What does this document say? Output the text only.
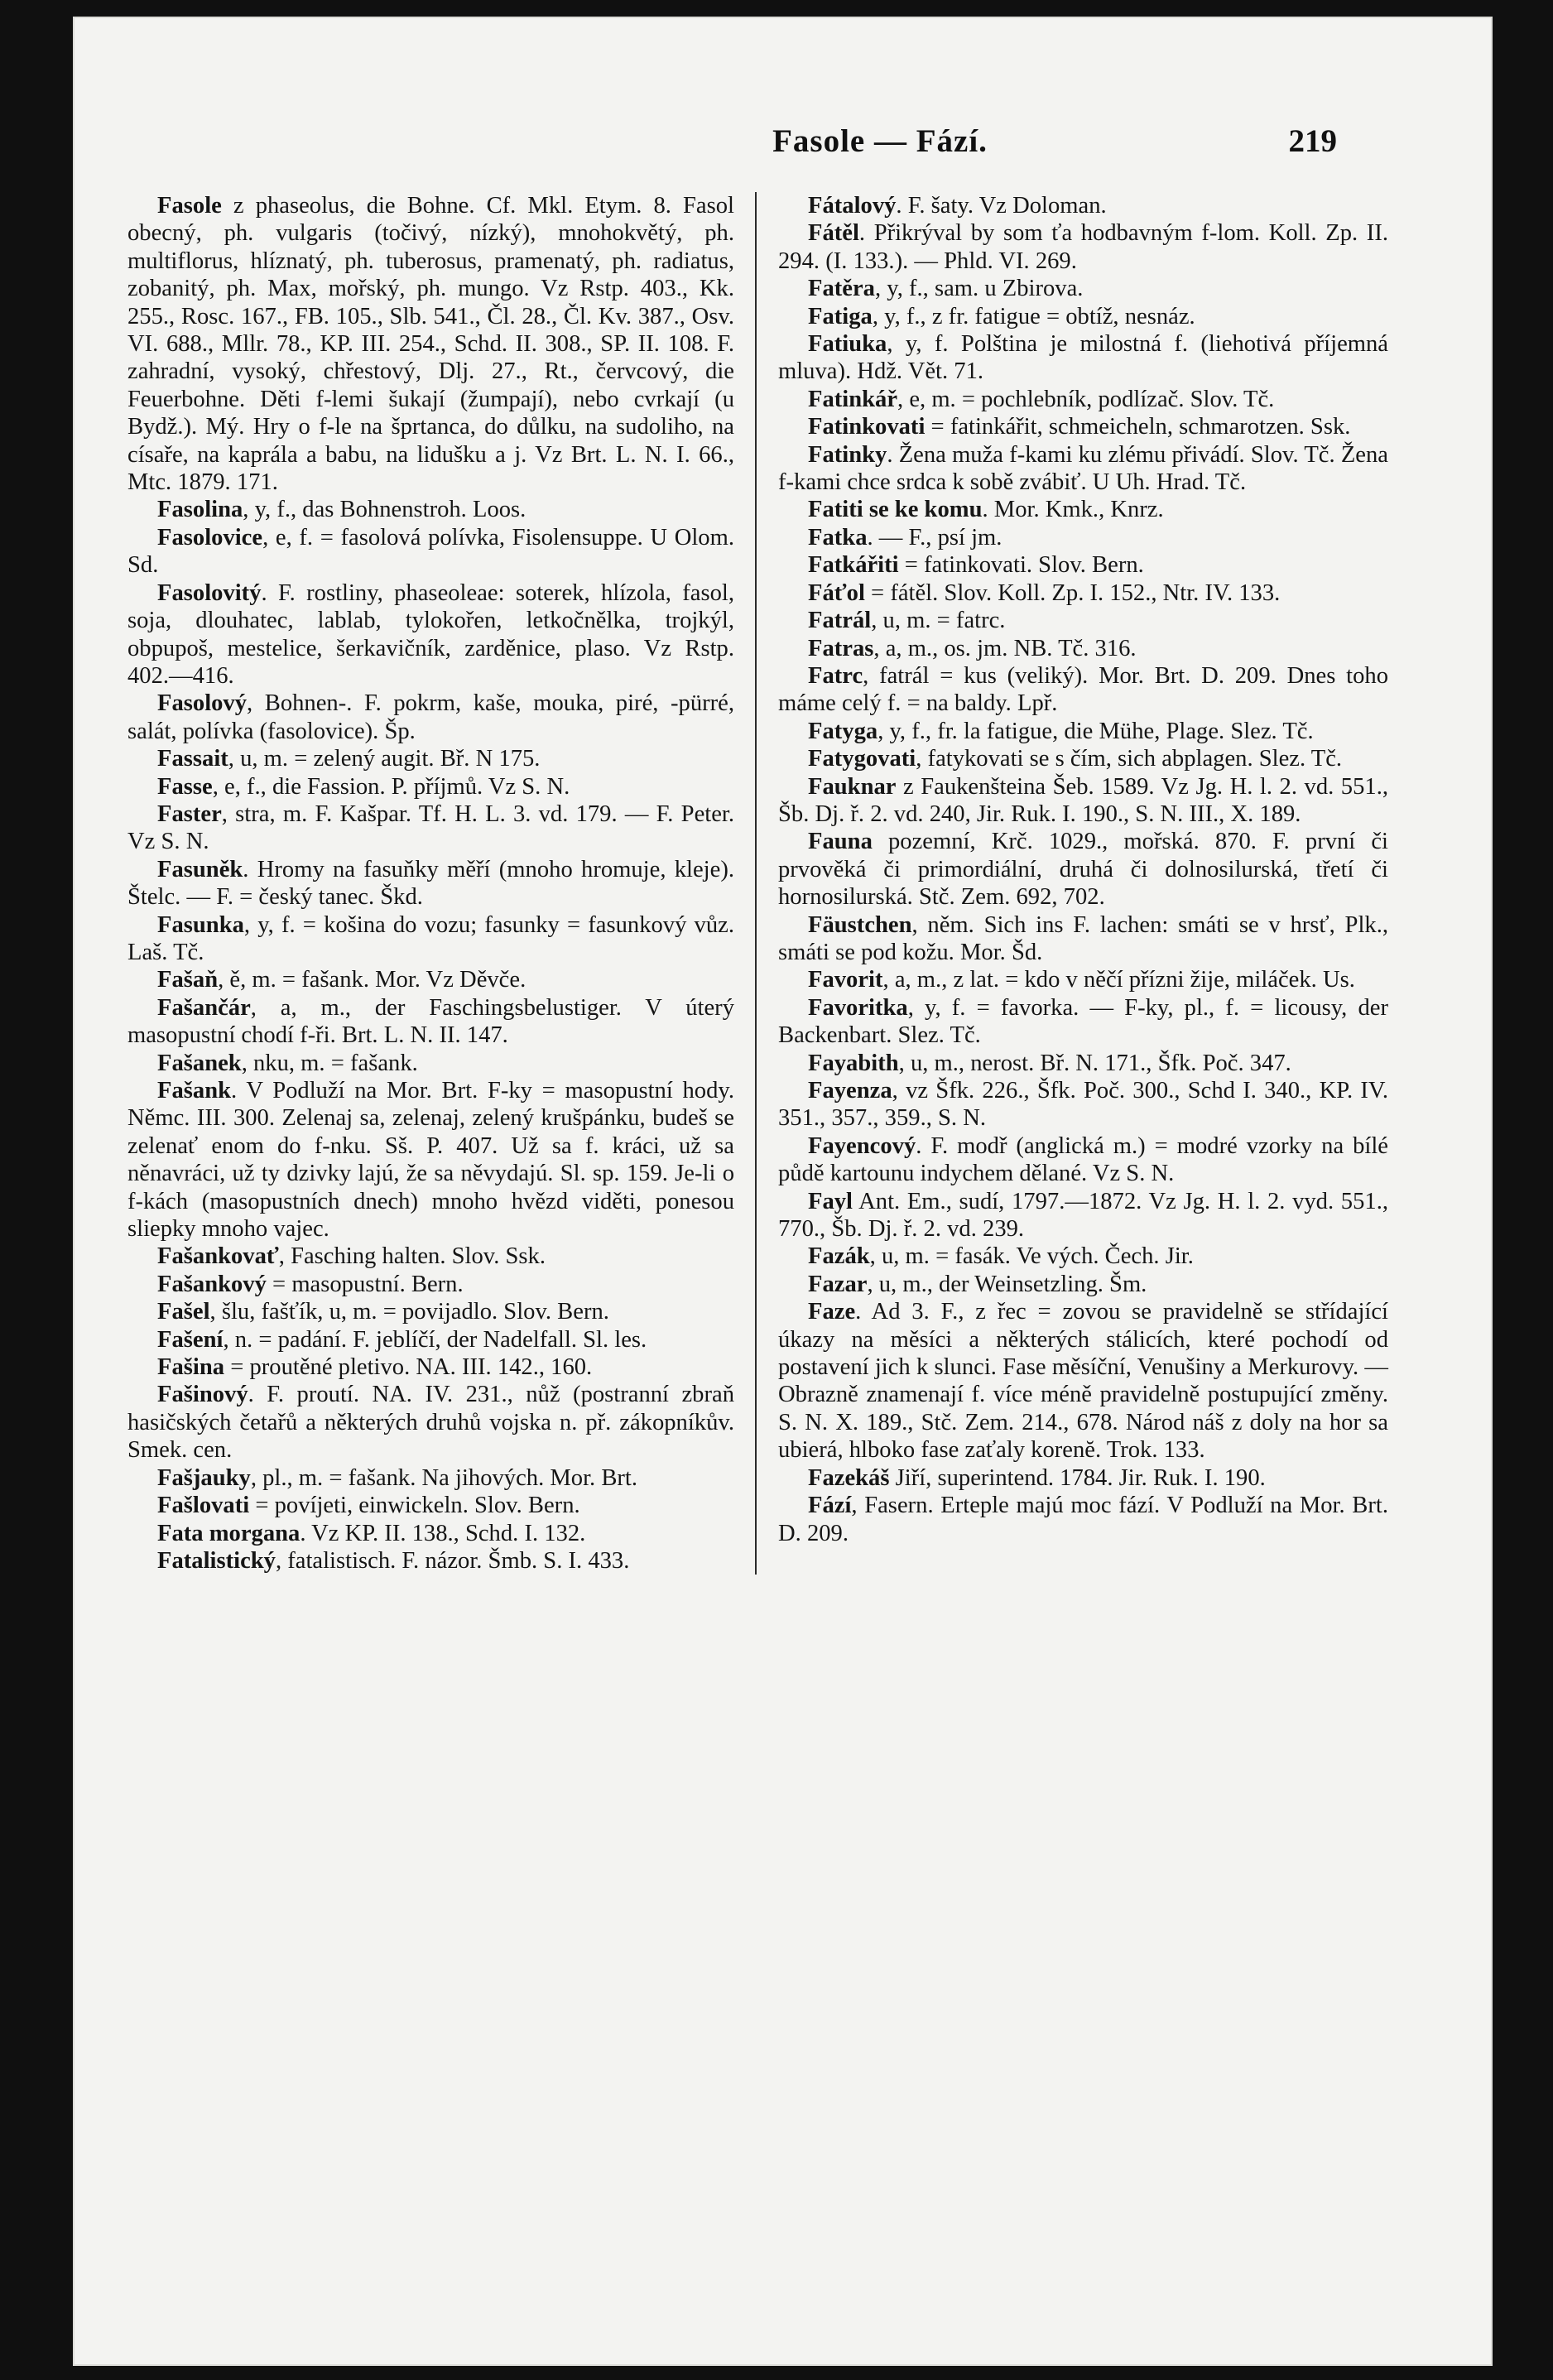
Fasole — Fází.	219

Fasole z phaseolus, die Bohne. Cf. Mkl. Etym. 8. Fasol obecný, ph. vulgaris (točivý, nízký), mnohokvětý, ph. multiflorus, hlíznatý, ph. tuberosus, pramenatý, ph. radiatus, zobanitý, ph. Max, mořský, ph. mungo. Vz Rstp. 403., Kk. 255., Rosc. 167., FB. 105., Slb. 541., Čl. 28., Čl. Kv. 387., Osv. VI. 688., Mllr. 78., KP. III. 254., Schd. II. 308., SP. II. 108. F. zahradní, vysoký, chřestový, Dlj. 27., Rt., červcový, die Feuerbohne. Děti f-lemi šukají (žumpají), nebo cvrkají (u Bydž.). Mý. Hry o f-le na šprtanca, do důlku, na sudoliho, na císaře, na kaprála a babu, na lidušku a j. Vz Brt. L. N. I. 66., Mtc. 1879. 171.

Fasolina, y, f., das Bohnenstroh. Loos.

Fasolovice, e, f. = fasolová polívka, Fisolensuppe. U Olom. Sd.

Fasolovitý. F. rostliny, phaseoleae: soterek, hlízola, fasol, soja, dlouhatec, lablab, tylokořen, letkočnělka, trojkýl, obpupoš, mestelice, šerkavičník, zarděnice, plaso. Vz Rstp. 402.—416.

Fasolový, Bohnen-. F. pokrm, kaše, mouka, piré, -pürré, salát, polívka (fasolovice). Šp.

Fassait, u, m. = zelený augit. Bř. N 175.

Fasse, e, f., die Fassion. P. příjmů. Vz S. N.

Faster, stra, m. F. Kašpar. Tf. H. L. 3. vd. 179. — F. Peter. Vz S. N.

Fasuněk. Hromy na fasuňky měří (mnoho hromuje, kleje). Štelc. — F. = český tanec. Škd.

Fasunka, y, f. = košina do vozu; fasunky = fasunkový vůz. Laš. Tč.

Fašaň, ě, m. = fašank. Mor. Vz Děvče.

Fašančár, a, m., der Faschingsbelustiger. V úterý masopustní chodí f-ři. Brt. L. N. II. 147.

Fašanek, nku, m. = fašank.

Fašank. V Podluží na Mor. Brt. F-ky = masopustní hody. Němc. III. 300. Zelenaj sa, zelenaj, zelený krušpánku, budeš se zelenať enom do f-nku. Sš. P. 407. Už sa f. kráci, už sa něnavráci, už ty dzivky lajú, že sa něvydajú. Sl. sp. 159. Je-li o f-kách (masopustních dnech) mnoho hvězd viděti, ponesou sliepky mnoho vajec.

Fašankovať, Fasching halten. Slov. Ssk.

Fašankový = masopustní. Bern.

Fašel, šlu, fašťík, u, m. = povijadlo. Slov. Bern.

Fašení, n. = padání. F. jeblíčí, der Nadelfall. Sl. les.

Fašina = proutěné pletivo. NA. III. 142., 160.

Fašinový. F. proutí. NA. IV. 231., nůž (postranní zbraň hasičských četařů a některých druhů vojska n. př. zákopníkův. Smek. cen.

Fašjauky, pl., m. = fašank. Na jihových. Mor. Brt.

Fašlovati = povíjeti, einwickeln. Slov. Bern.

Fata morgana. Vz KP. II. 138., Schd. I. 132.

Fatalistický, fatalistisch. F. názor. Šmb. S. I. 433.

Fátalový. F. šaty. Vz Doloman.

Fátěl. Přikrýval by som ťa hodbavným f-lom. Koll. Zp. II. 294. (I. 133.). — Phld. VI. 269.

Fatěra, y, f., sam. u Zbirova.

Fatiga, y, f., z fr. fatigue = obtíž, nesnáz.

Fatiuka, y, f. Polština je milostná f. (liehotivá příjemná mluva). Hdž. Vět. 71.

Fatinkář, e, m. = pochlebník, podlízač. Slov. Tč.

Fatinkovati = fatinkářit, schmeicheln, schmarotzen. Ssk.

Fatinky. Žena muža f-kami ku zlému přivádí. Slov. Tč. Žena f-kami chce srdca k sobě zvábiť. U Uh. Hrad. Tč.

Fatiti se ke komu. Mor. Kmk., Knrz.

Fatka. — F., psí jm.

Fatkářiti = fatinkovati. Slov. Bern.

Fáťol = fátěl. Slov. Koll. Zp. I. 152., Ntr. IV. 133.

Fatrál, u, m. = fatrc.

Fatras, a, m., os. jm. NB. Tč. 316.

Fatrc, fatrál = kus (veliký). Mor. Brt. D. 209. Dnes toho máme celý f. = na baldy. Lpř.

Fatyga, y, f., fr. la fatigue, die Mühe, Plage. Slez. Tč.

Fatygovati, fatykovati se s čím, sich abplagen. Slez. Tč.

Fauknar z Faukenšteina Šeb. 1589. Vz Jg. H. l. 2. vd. 551., Šb. Dj. ř. 2. vd. 240, Jir. Ruk. I. 190., S. N. III., X. 189.

Fauna pozemní, Krč. 1029., mořská. 870. F. první či prvověká či primordiální, druhá či dolnosilurská, třetí či hornosilurská. Stč. Zem. 692, 702.

Fäustchen, něm. Sich ins F. lachen: smáti se v hrsť, Plk., smáti se pod kožu. Mor. Šd.

Favorit, a, m., z lat. = kdo v něčí přízni žije, miláček. Us.

Favoritka, y, f. = favorka. — F-ky, pl., f. = licousy, der Backenbart. Slez. Tč.

Fayabith, u, m., nerost. Bř. N. 171., Šfk. Poč. 347.

Fayenza, vz Šfk. 226., Šfk. Poč. 300., Schd I. 340., KP. IV. 351., 357., 359., S. N.

Fayencový. F. modř (anglická m.) = modré vzorky na bílé půdě kartounu indychem dělané. Vz S. N.

Fayl Ant. Em., sudí, 1797.—1872. Vz Jg. H. l. 2. vyd. 551., 770., Šb. Dj. ř. 2. vd. 239.

Fazák, u, m. = fasák. Ve vých. Čech. Jir.

Fazar, u, m., der Weinsetzling. Šm.

Faze. Ad 3. F., z řec = zovou se pravidelně se střídající úkazy na měsíci a některých stálicích, které pochodí od postavení jich k slunci. Fase měsíční, Venušiny a Merkurovy. — Obrazně znamenají f. více méně pravidelně postupující změny. S. N. X. 189., Stč. Zem. 214., 678. Národ náš z doly na hor sa ubierá, hlboko fase zaťaly korenĕ. Trok. 133.

Fazekáš Jiří, superintend. 1784. Jir. Ruk. I. 190.

Fází, Fasern. Erteple majú moc fází. V Podluží na Mor. Brt. D. 209.
